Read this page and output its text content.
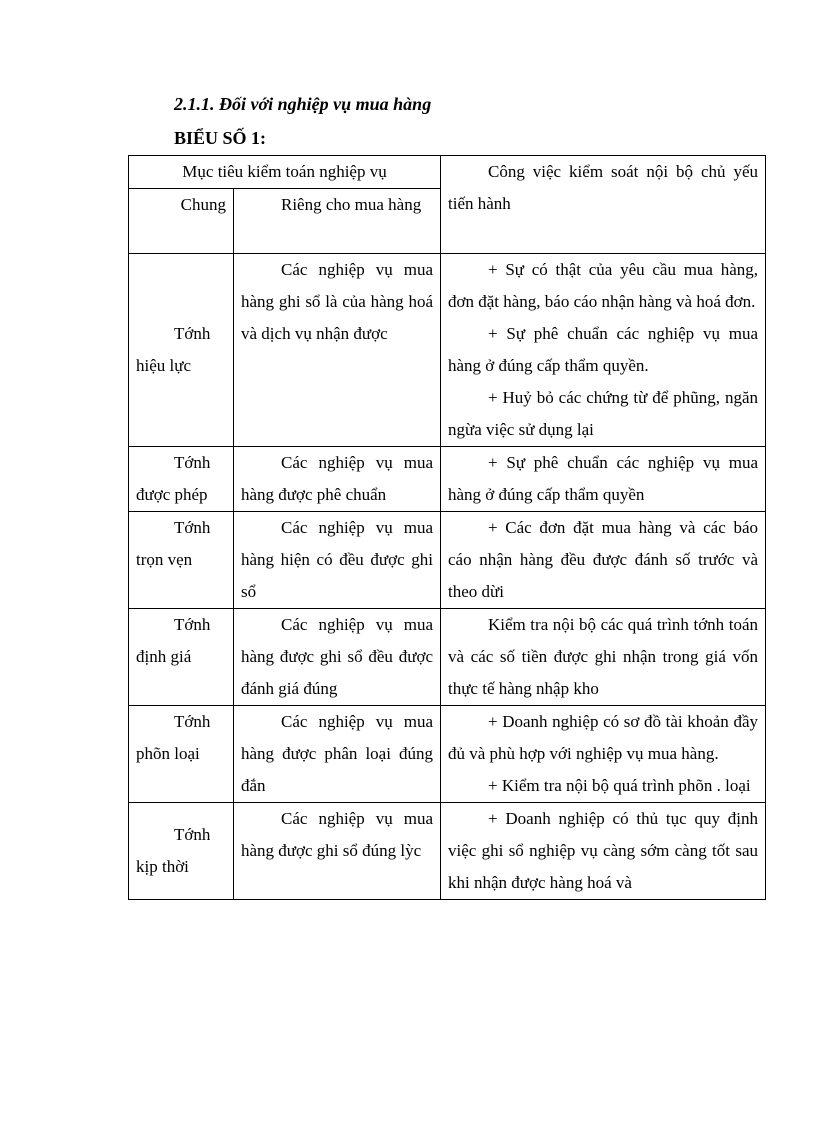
2.1.1. Đối với nghiệp vụ mua hàng
BIỂU SỐ 1:
Mục tiêu kiểm toán nghiệp vụ		Công việc kiểm soát nội bộ chủ yếu tiến hành

Chung	Riêng cho mua hàng	

Tớnh hiệu lực	Các nghiệp vụ mua hàng ghi sổ là của hàng hoá và dịch vụ nhận được	+ Sự có thật của yêu cầu mua hàng, đơn đặt hàng, báo cáo nhận hàng và hoá đơn.

+ Sự phê chuẩn các nghiệp vụ mua hàng ở đúng cấp thẩm quyền.

+ Huỷ bỏ các chứng từ để phũng, ngăn ngừa việc sử dụng lại

Tớnh được phép	Các nghiệp vụ mua hàng được phê chuẩn	+ Sự phê chuẩn các nghiệp vụ mua hàng ở đúng cấp thẩm quyền

Tớnh trọn vẹn	Các nghiệp vụ mua hàng hiện có đều được ghi sổ	+ Các đơn đặt mua hàng và các báo cáo nhận hàng đều được đánh số trước và theo dừi

Tớnh định giá	Các nghiệp vụ mua hàng được ghi sổ đều được đánh giá đúng	Kiểm tra nội bộ các quá trình tớnh toán và các số tiền được ghi nhận trong giá vốn thực tế hàng nhập kho

Tớnh phõn loại	Các nghiệp vụ mua hàng được phân loại đúng đắn	+ Doanh nghiệp có sơ đồ tài khoản đầy đủ và phù hợp với nghiệp vụ mua hàng.

+ Kiểm tra nội bộ quá trình phõn . loại

Tớnh kịp thời	Các nghiệp vụ mua hàng được ghi sổ đúng lỳc	+ Doanh nghiệp có thủ tục quy định việc ghi sổ nghiệp vụ càng sớm càng tốt sau khi nhận được hàng hoá và
